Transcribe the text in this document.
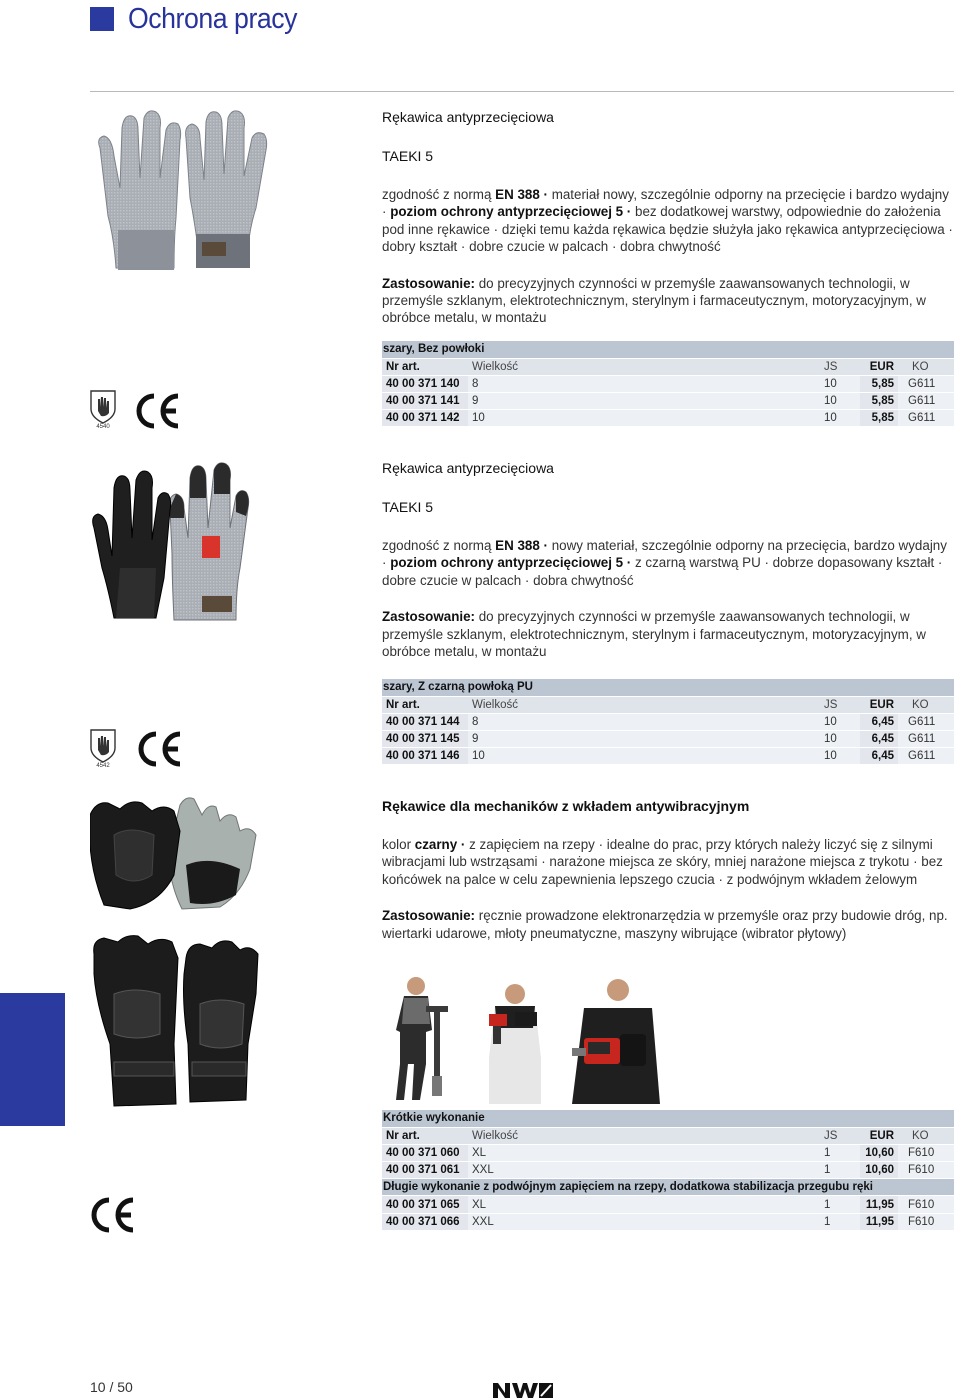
Ochrona pracy
4540
Rękawica antyprzecięciowa
TAEKI 5
zgodność z normą EN 388 · materiał nowy, szczególnie odporny na przecięcie i bardzo wydajny · poziom ochrony antyprzecięciowej 5 · bez dodatkowej warstwy, odpowiednie do założenia pod inne rękawice · dzięki temu każda rękawica będzie służyła jako rękawica antyprzecięciowa · dobry kształt · dobre czucie w palcach · dobra chwytność
Zastosowanie: do precyzyjnych czynności w przemyśle zaawansowanych technologii, w przemyśle szklanym, elektrotechnicznym, sterylnym i farmaceutycznym, motoryzacyjnym, w obróbce metalu, w montażu
szary, Bez powłoki				
Nr art.	Wielkość	JS	EUR	KO
40 00 371 140	8	10	5,85	G611
40 00 371 141	9	10	5,85	G611
40 00 371 142	10	10	5,85	G611
4542
Rękawica antyprzecięciowa
TAEKI 5
zgodność z normą EN 388 · nowy materiał, szczególnie odporny na przecięcia, bardzo wydajny · poziom ochrony antyprzecięciowej 5 · z czarną warstwą PU · dobrze dopasowany kształt · dobre czucie w palcach · dobra chwytność
Zastosowanie: do precyzyjnych czynności w przemyśle zaawansowanych technologii, w przemyśle szklanym, elektrotechnicznym, sterylnym i farmaceutycznym, motoryzacyjnym, w obróbce metalu, w montażu
szary, Z czarną powłoką PU				
Nr art.	Wielkość	JS	EUR	KO
40 00 371 144	8	10	6,45	G611
40 00 371 145	9	10	6,45	G611
40 00 371 146	10	10	6,45	G611
Rękawice dla mechaników z wkładem antywibracyjnym
kolor czarny · z zapięciem na rzepy · idealne do prac, przy których należy liczyć się z silnymi wibracjami lub wstrząsami · narażone miejsca ze skóry, mniej narażone miejsca z trykotu · bez końcówek na palce w celu zapewnienia lepszego czucia · z podwójnym wkładem żelowym
Zastosowanie: ręcznie prowadzone elektronarzędzia w przemyśle oraz przy budowie dróg, np. wiertarki udarowe, młoty pneumatyczne, maszyny wibrujące (wibrator płytowy)
Krótkie wykonanie				
Nr art.	Wielkość	JS	EUR	KO
40 00 371 060	XL	1	10,60	F610
40 00 371 061	XXL	1	10,60	F610
Długie wykonanie z podwójnym zapięciem na rzepy, dodatkowa stabilizacja przegubu ręki				
40 00 371 065	XL	1	11,95	F610
40 00 371 066	XXL	1	11,95	F610
10 / 50
